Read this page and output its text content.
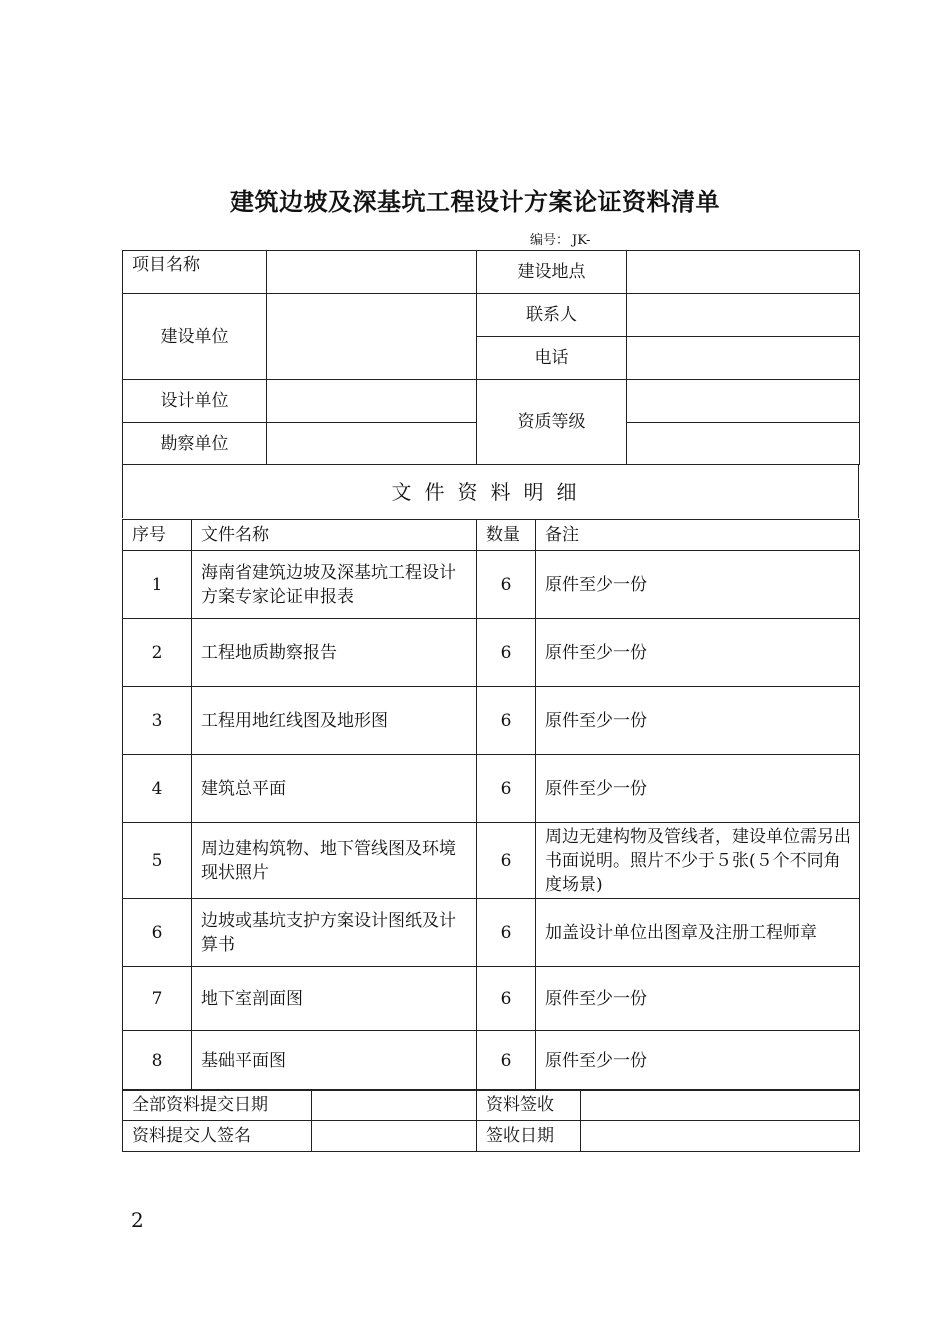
建筑边坡及深基坑工程设计方案论证资料清单
编号： JK-
项目名称		建设地点	
建设单位		联系人	
		电话	
设计单位		资质等级	
勘察单位			
文件资料明细
序号	文件名称	数量	备注
1	海南省建筑边坡及深基坑工程设计方案专家论证申报表	6	原件至少一份
2	工程地质勘察报告	6	原件至少一份
3	工程用地红线图及地形图	6	原件至少一份
4	建筑总平面	6	原件至少一份
5	周边建构筑物、地下管线图及环境现状照片	6	周边无建构物及管线者，建设单位需另出书面说明。照片不少于５张(５个不同角度场景)
6	边坡或基坑支护方案设计图纸及计算书	6	加盖设计单位出图章及注册工程师章
7	地下室剖面图	6	原件至少一份
8	基础平面图	6	原件至少一份
全部资料提交日期		资料签收	
资料提交人签名		签收日期	
2
